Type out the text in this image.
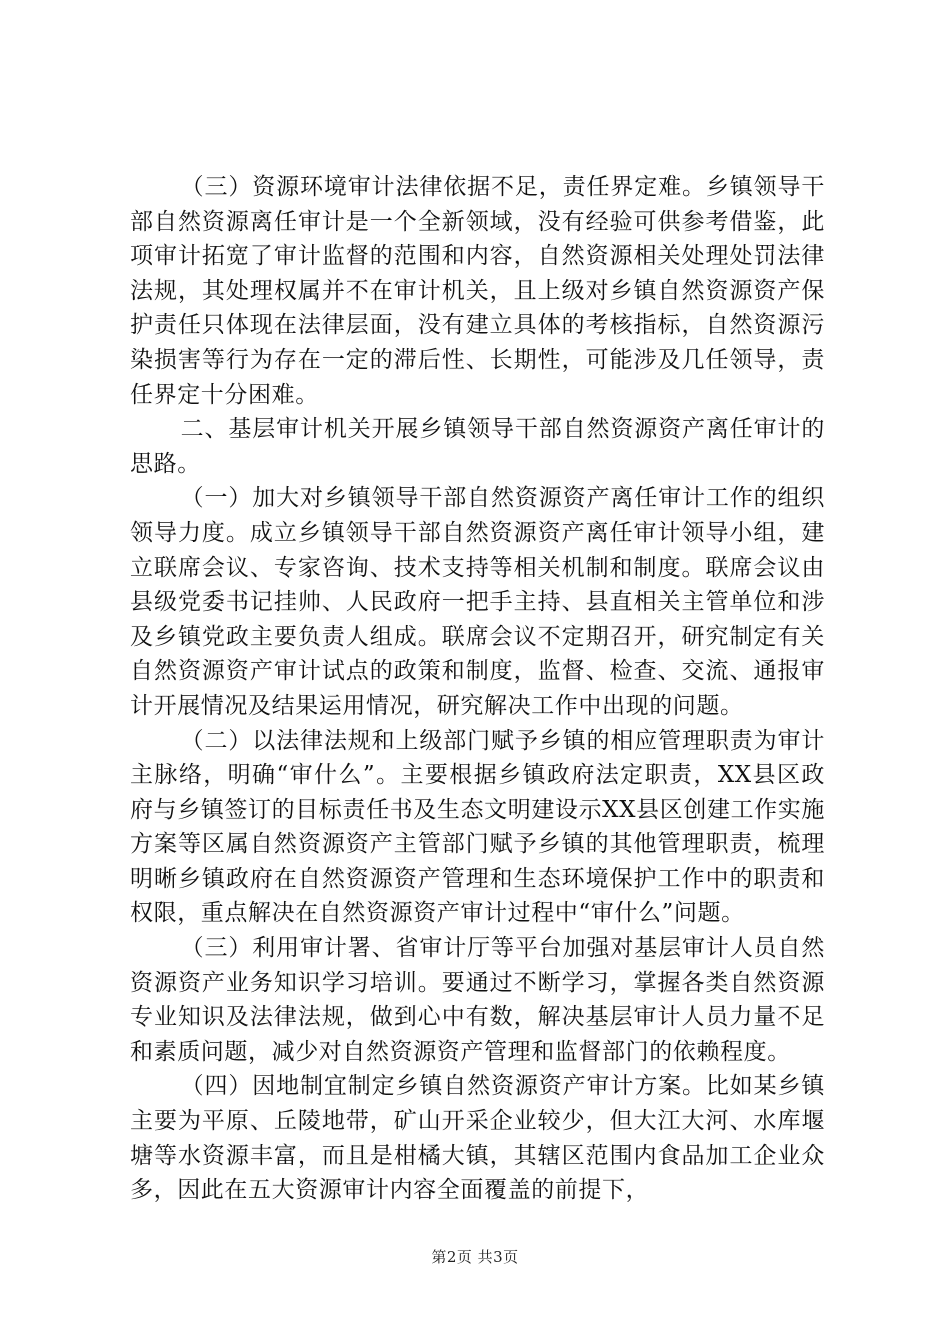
（三）资源环境审计法律依据不足，责任界定难。乡镇领导干部自然资源离任审计是一个全新领域，没有经验可供参考借鉴，此项审计拓宽了审计监督的范围和内容，自然资源相关处理处罚法律法规，其处理权属并不在审计机关，且上级对乡镇自然资源资产保护责任只体现在法律层面，没有建立具体的考核指标，自然资源污染损害等行为存在一定的滞后性、长期性，可能涉及几任领导，责任界定十分困难。

二、基层审计机关开展乡镇领导干部自然资源资产离任审计的思路。

（一）加大对乡镇领导干部自然资源资产离任审计工作的组织领导力度。成立乡镇领导干部自然资源资产离任审计领导小组，建立联席会议、专家咨询、技术支持等相关机制和制度。联席会议由县级党委书记挂帅、人民政府一把手主持、县直相关主管单位和涉及乡镇党政主要负责人组成。联席会议不定期召开，研究制定有关自然资源资产审计试点的政策和制度，监督、检查、交流、通报审计开展情况及结果运用情况，研究解决工作中出现的问题。

（二）以法律法规和上级部门赋予乡镇的相应管理职责为审计主脉络，明确“审什么”。主要根据乡镇政府法定职责，XX县区政府与乡镇签订的目标责任书及生态文明建设示XX县区创建工作实施方案等区属自然资源资产主管部门赋予乡镇的其他管理职责，梳理明晰乡镇政府在自然资源资产管理和生态环境保护工作中的职责和权限，重点解决在自然资源资产审计过程中“审什么”问题。

（三）利用审计署、省审计厅等平台加强对基层审计人员自然资源资产业务知识学习培训。要通过不断学习，掌握各类自然资源专业知识及法律法规，做到心中有数，解决基层审计人员力量不足和素质问题，减少对自然资源资产管理和监督部门的依赖程度。

（四）因地制宜制定乡镇自然资源资产审计方案。比如某乡镇主要为平原、丘陵地带，矿山开采企业较少，但大江大河、水库堰塘等水资源丰富，而且是柑橘大镇，其辖区范围内食品加工企业众多，因此在五大资源审计内容全面覆盖的前提下，

第2页 共3页
